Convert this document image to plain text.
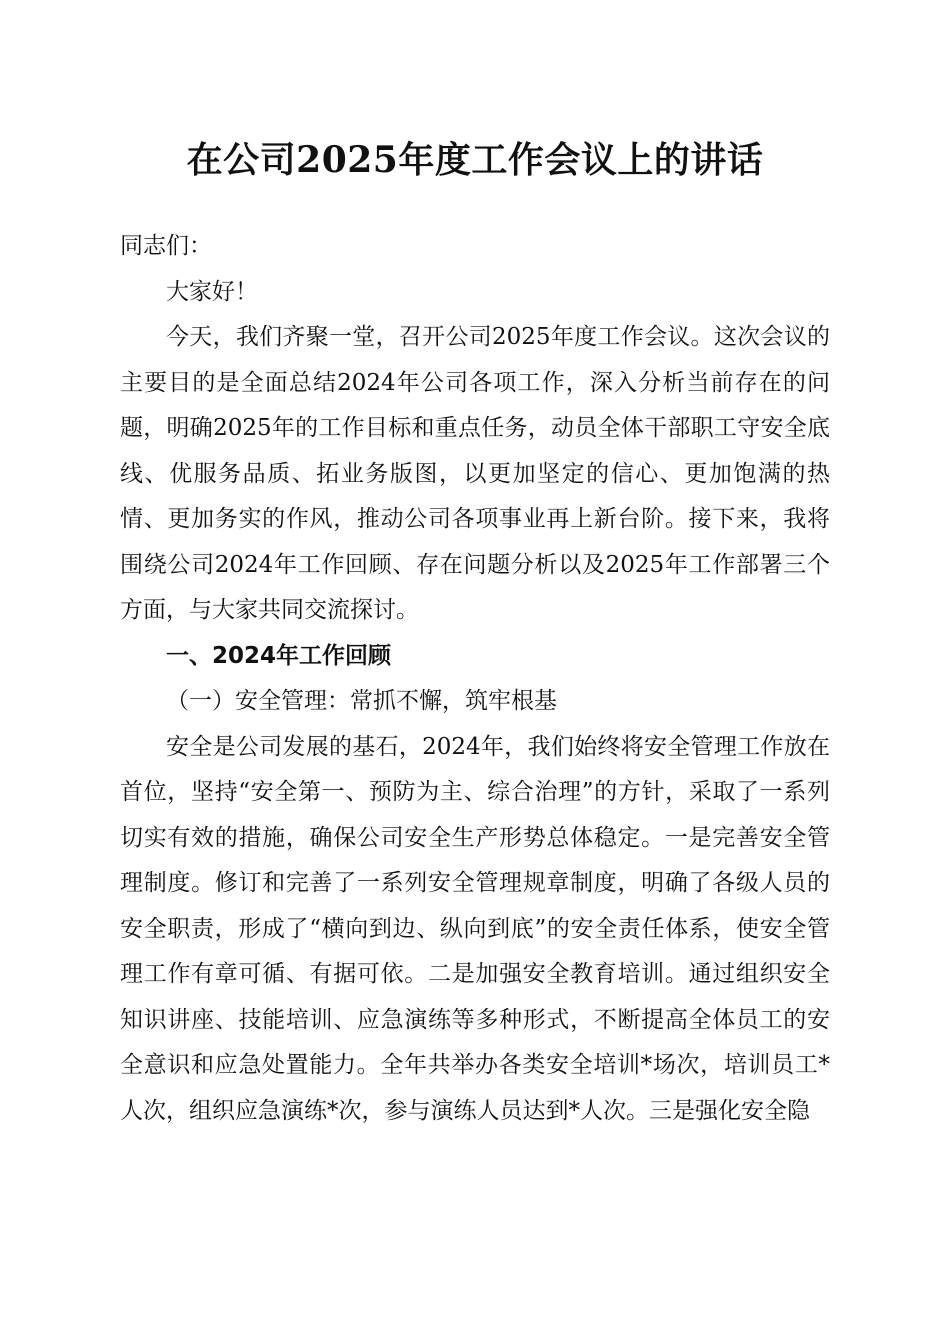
在公司2025年度工作会议上的讲话

同志们：

大家好！

今天，我们齐聚一堂，召开公司2025年度工作会议。这次会议的主要目的是全面总结2024年公司各项工作，深入分析当前存在的问题，明确2025年的工作目标和重点任务，动员全体干部职工守安全底线、优服务品质、拓业务版图，以更加坚定的信心、更加饱满的热情、更加务实的作风，推动公司各项事业再上新台阶。接下来，我将围绕公司2024年工作回顾、存在问题分析以及2025年工作部署三个方面，与大家共同交流探讨。

一、2024年工作回顾

（一）安全管理：常抓不懈，筑牢根基

安全是公司发展的基石，2024年，我们始终将安全管理工作放在首位，坚持“安全第一、预防为主、综合治理”的方针，采取了一系列切实有效的措施，确保公司安全生产形势总体稳定。一是完善安全管理制度。修订和完善了一系列安全管理规章制度，明确了各级人员的安全职责，形成了“横向到边、纵向到底”的安全责任体系，使安全管理工作有章可循、有据可依。二是加强安全教育培训。通过组织安全知识讲座、技能培训、应急演练等多种形式，不断提高全体员工的安全意识和应急处置能力。全年共举办各类安全培训*场次，培训员工*人次，组织应急演练*次，参与演练人员达到*人次。三是强化安全隐
